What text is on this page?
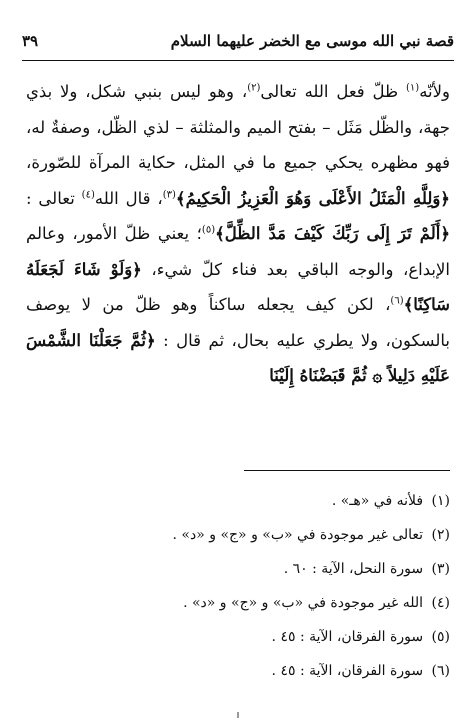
قصة نبي الله موسى مع الخضر عليهما السلام
٣٩

ولأنّه$^{(١)}$ ظلّ فعل الله تعالى$^{(٢)}$، وهو ليس بنبي شكل، ولا بذي جهة، والظّل مَثَل – بفتح الميم والمثلثة – لذي الظّل، وصفةٌ له، فهو مظهره يحكي جميع ما في المثل، حكاية المرآة للصّورة، ﴿وَلِلَّهِ الْمَثَلُ الأَعْلَى وَهُوَ الْعَزِيزُ الْحَكِيمُ﴾$^{(٣)}$، قال الله$^{(٤)}$ تعالى : ﴿أَلَمْ تَرَ إِلَى رَبِّكَ كَيْفَ مَدَّ الظِّلَّ﴾$^{(٥)}$؛ يعني ظلّ الأمور، وعالم الإبداع، والوجه الباقي بعد فناء كلّ شيء، ﴿وَلَوْ شَاءَ لَجَعَلَهُ سَاكِنًا﴾$^{(٦)}$، لكن كيف يجعله ساكناً وهو ظلّ من لا يوصف بالسكون، ولا يطري عليه بحال، ثم قال : ﴿ثُمَّ جَعَلْنَا الشَّمْسَ عَلَيْهِ دَلِيلاً ۞ ثُمَّ قَبَضْنَاهُ إِلَيْنَا

(١) فلأنه في «هـ» .
(٢) تعالى غير موجودة في «ب» و «ج» و «د» .
(٣) سورة النحل، الآية : ٦٠ .
(٤) الله غير موجودة في «ب» و «ج» و «د» .
(٥) سورة الفرقان، الآية : ٤٥ .
(٦) سورة الفرقان، الآية : ٤٥ .
